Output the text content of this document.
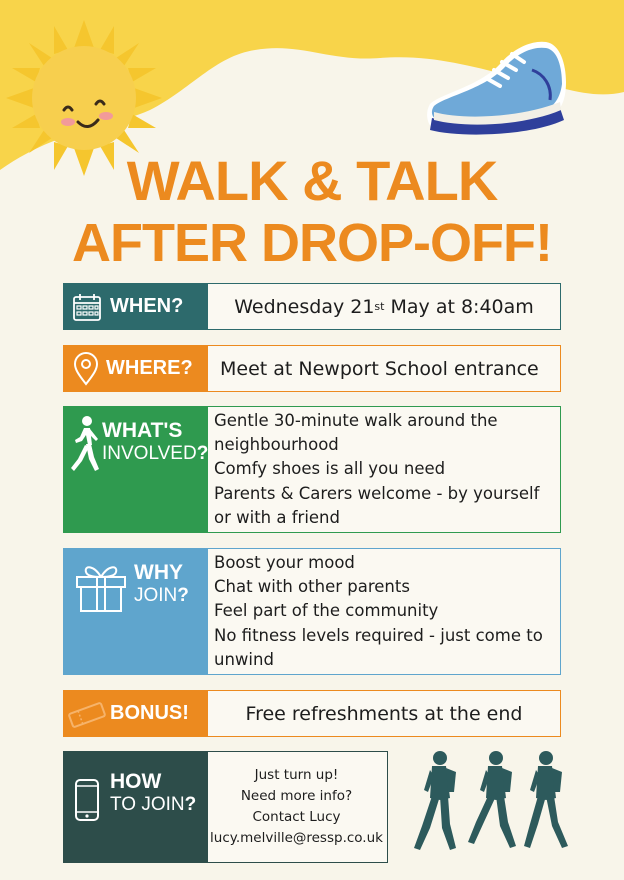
WALK & TALK
AFTER DROP-OFF!
WHEN?	Wednesday 21 st May at 8:40am
WHERE?	Meet at Newport School entrance
WHAT'S
INVOLVED?
Gentle 30-minute walk around the
neighbourhood
Comfy shoes is all you need
Parents & Carers welcome - by yourself
or with a friend
WHY
JOIN?
Boost your mood
Chat with other parents
Feel part of the community
No fitness levels required - just come to
unwind
BONUS!	Free refreshments at the end
HOW
TO JOIN?
Just turn up!
Need more info?
Contact Lucy
lucy.melville@ressp.co.uk
